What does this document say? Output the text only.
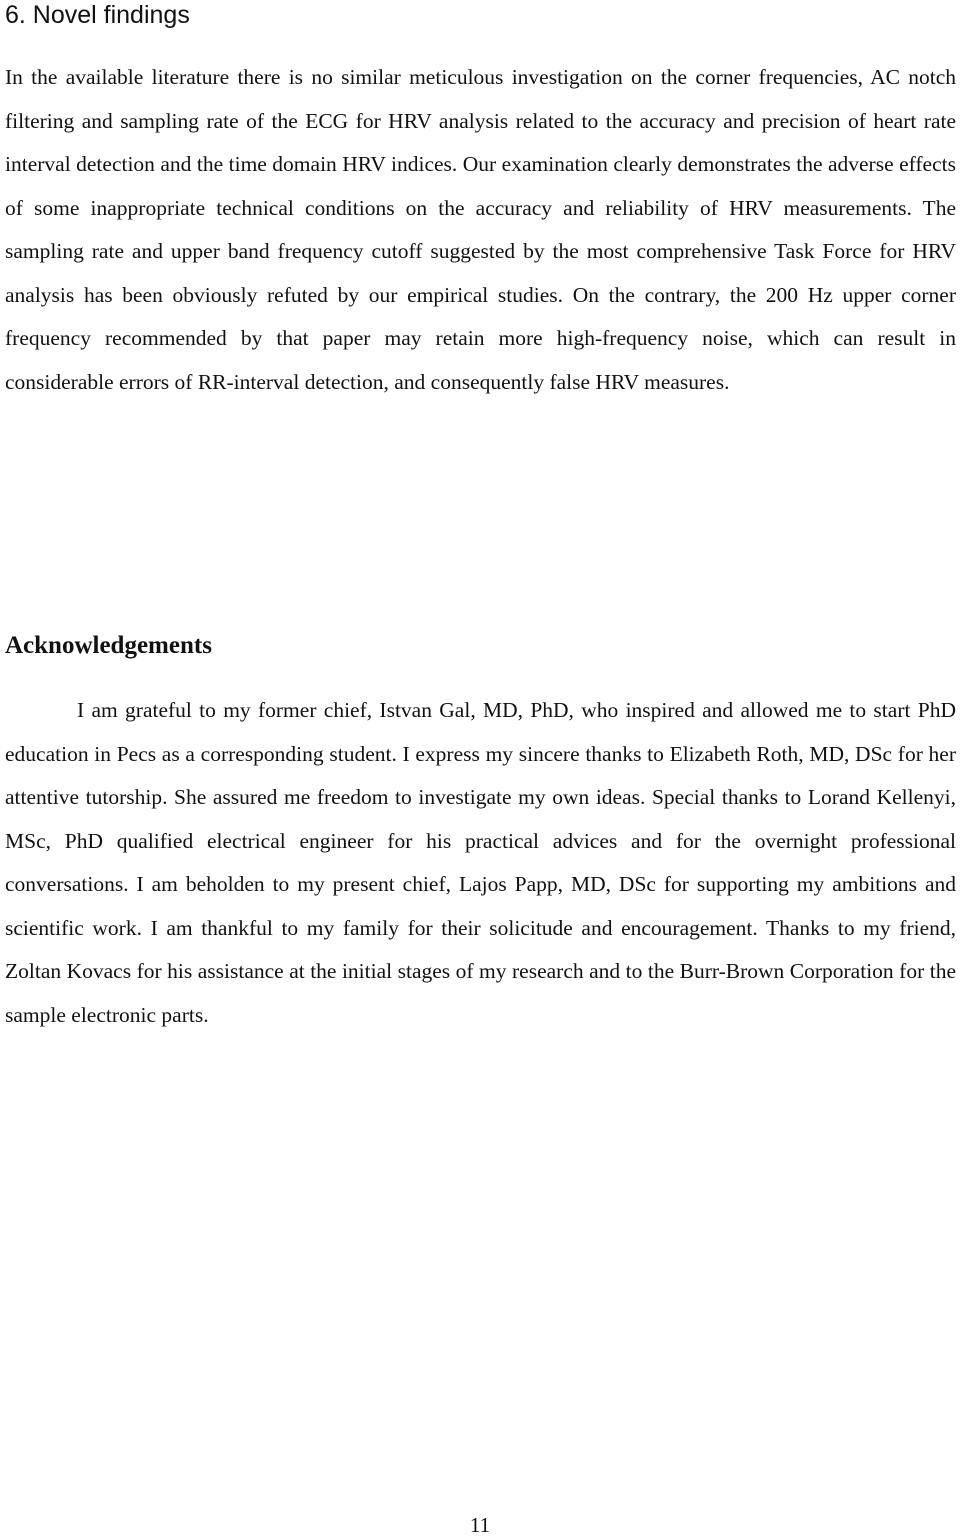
6. Novel findings

In the available literature there is no similar meticulous investigation on the corner frequencies, AC notch filtering and sampling rate of the ECG for HRV analysis related to the accuracy and precision of heart rate interval detection and the time domain HRV indices. Our examination clearly demonstrates the adverse effects of some inappropriate technical conditions on the accuracy and reliability of HRV measurements. The sampling rate and upper band frequency cutoff suggested by the most comprehensive Task Force for HRV analysis has been obviously refuted by our empirical studies. On the contrary, the 200 Hz upper corner frequency recommended by that paper may retain more high-frequency noise, which can result in considerable errors of RR-interval detection, and consequently false HRV measures.

Acknowledgements

I am grateful to my former chief, Istvan Gal, MD, PhD, who inspired and allowed me to start PhD education in Pecs as a corresponding student. I express my sincere thanks to Elizabeth Roth, MD, DSc for her attentive tutorship. She assured me freedom to investigate my own ideas. Special thanks to Lorand Kellenyi, MSc, PhD qualified electrical engineer for his practical advices and for the overnight professional conversations. I am beholden to my present chief, Lajos Papp, MD, DSc for supporting my ambitions and scientific work. I am thankful to my family for their solicitude and encouragement. Thanks to my friend, Zoltan Kovacs for his assistance at the initial stages of my research and to the Burr-Brown Corporation for the sample electronic parts.

11
